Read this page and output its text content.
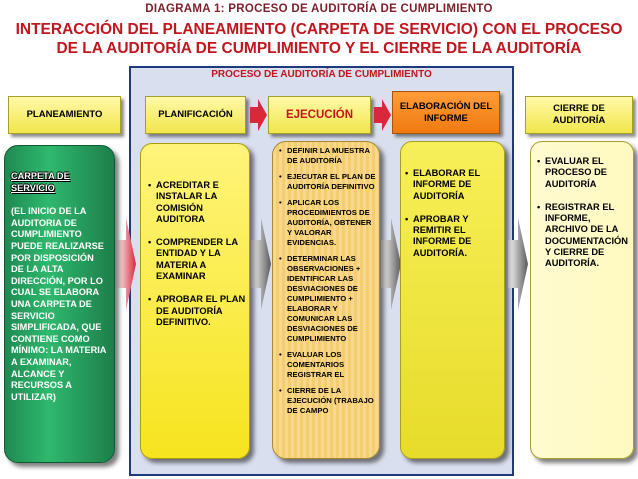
DIAGRAMA 1: PROCESO DE AUDITORÍA DE CUMPLIMIENTO
INTERACCIÓN DEL PLANEAMIENTO (CARPETA DE SERVICIO) CON EL PROCESO
DE LA AUDITORÍA DE CUMPLIMIENTO Y EL CIERRE DE LA AUDITORÍA
PROCESO DE AUDITORÍA DE CUMPLIMIENTO
PLANEAMIENTO	PLANIFICACIÓN	EJECUCIÓN
ELABORACIÓN DEL INFORME
CIERRE DE AUDITORÍA
CARPETA DE SERVICIO
(EL INICIO DE LA AUDITORIA DE CUMPLIMIENTO PUEDE REALIZARSE POR DISPOSICIÓN DE LA ALTA DIRECCIÓN, POR LO CUAL SE ELABORA UNA CARPETA DE SERVICIO SIMPLIFICADA, QUE CONTIENE COMO MÍNIMO: LA MATERIA A EXAMINAR, ALCANCE Y RECURSOS A UTILIZAR)
• ACREDITAR E INSTALAR LA COMISIÓN AUDITORA
• COMPRENDER LA ENTIDAD Y LA MATERIA A EXAMINAR
• APROBAR EL PLAN DE AUDITORÍA DEFINITIVO.
• DEFINIR LA MUESTRA DE AUDITORÍA
• EJECUTAR EL PLAN DE AUDITORÍA DEFINITIVO
• APLICAR LOS PROCEDIMIENTOS DE AUDITORÍA, OBTENER Y VALORAR EVIDENCIAS.
• DETERMINAR LAS OBSERVACIONES + IDENTIFICAR LAS DESVIACIONES DE CUMPLIMIENTO + ELABORAR Y COMUNICAR LAS DESVIACIONES DE CUMPLIMIENTO
• EVALUAR LOS COMENTARIOS REGISTRAR EL
• CIERRE DE LA EJECUCIÓN (TRABAJO DE CAMPO
• ELABORAR EL INFORME DE AUDITORÍA
• APROBAR Y REMITIR EL INFORME DE AUDITORÍA.
• EVALUAR EL PROCESO DE AUDITORÍA
• REGISTRAR EL INFORME, ARCHIVO DE LA DOCUMENTACIÓN Y CIERRE DE AUDITORÍA.
